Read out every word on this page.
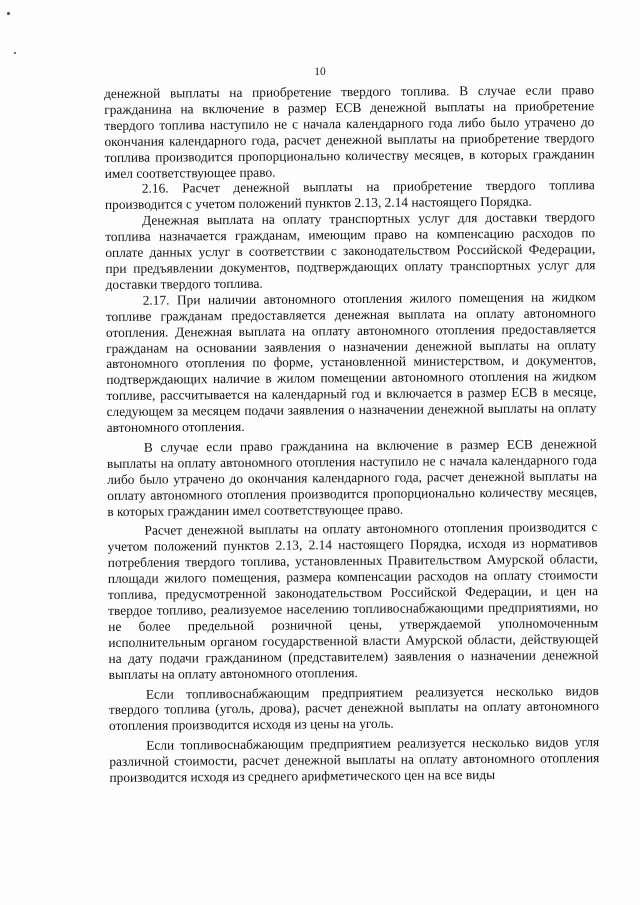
10

денежной выплаты на приобретение твердого топлива. В случае если право гражданина на включение в размер ЕСВ денежной выплаты на приобретение твердого топлива наступило не с начала календарного года либо было утрачено до окончания календарного года, расчет денежной выплаты на приобретение твердого топлива производится пропорционально количеству месяцев, в которых гражданин имел соответствующее право.

2.16. Расчет денежной выплаты на приобретение твердого топлива производится с учетом положений пунктов 2.13, 2.14 настоящего Порядка.

Денежная выплата на оплату транспортных услуг для доставки твердого топлива назначается гражданам, имеющим право на компенсацию расходов по оплате данных услуг в соответствии с законодательством Российской Федерации, при предъявлении документов, подтверждающих оплату транспортных услуг для доставки твердого топлива.

2.17. При наличии автономного отопления жилого помещения на жидком топливе гражданам предоставляется денежная выплата на оплату автономного отопления. Денежная выплата на оплату автономного отопления предоставляется гражданам на основании заявления о назначении денежной выплаты на оплату автономного отопления по форме, установленной министерством, и документов, подтверждающих наличие в жилом помещении автономного отопления на жидком топливе, рассчитывается на календарный год и включается в размер ЕСВ в месяце, следующем за месяцем подачи заявления о назначении денежной выплаты на оплату автономного отопления.

В случае если право гражданина на включение в размер ЕСВ денежной выплаты на оплату автономного отопления наступило не с начала календарного года либо было утрачено до окончания календарного года, расчет денежной выплаты на оплату автономного отопления производится пропорционально количеству месяцев, в которых гражданин имел соответствующее право.

Расчет денежной выплаты на оплату автономного отопления производится с учетом положений пунктов 2.13, 2.14 настоящего Порядка, исходя из нормативов потребления твердого топлива, установленных Правительством Амурской области, площади жилого помещения, размера компенсации расходов на оплату стоимости топлива, предусмотренной законодательством Российской Федерации, и цен на твердое топливо, реализуемое населению топливоснабжающими предприятиями, но не более предельной розничной цены, утверждаемой уполномоченным исполнительным органом государственной власти Амурской области, действующей на дату подачи гражданином (представителем) заявления о назначении денежной выплаты на оплату автономного отопления.

Если топливоснабжающим предприятием реализуется несколько видов твердого топлива (уголь, дрова), расчет денежной выплаты на оплату автономного отопления производится исходя из цены на уголь.

Если топливоснабжающим предприятием реализуется несколько видов угля различной стоимости, расчет денежной выплаты на оплату автономного отопления производится исходя из среднего арифметического цен на все виды
